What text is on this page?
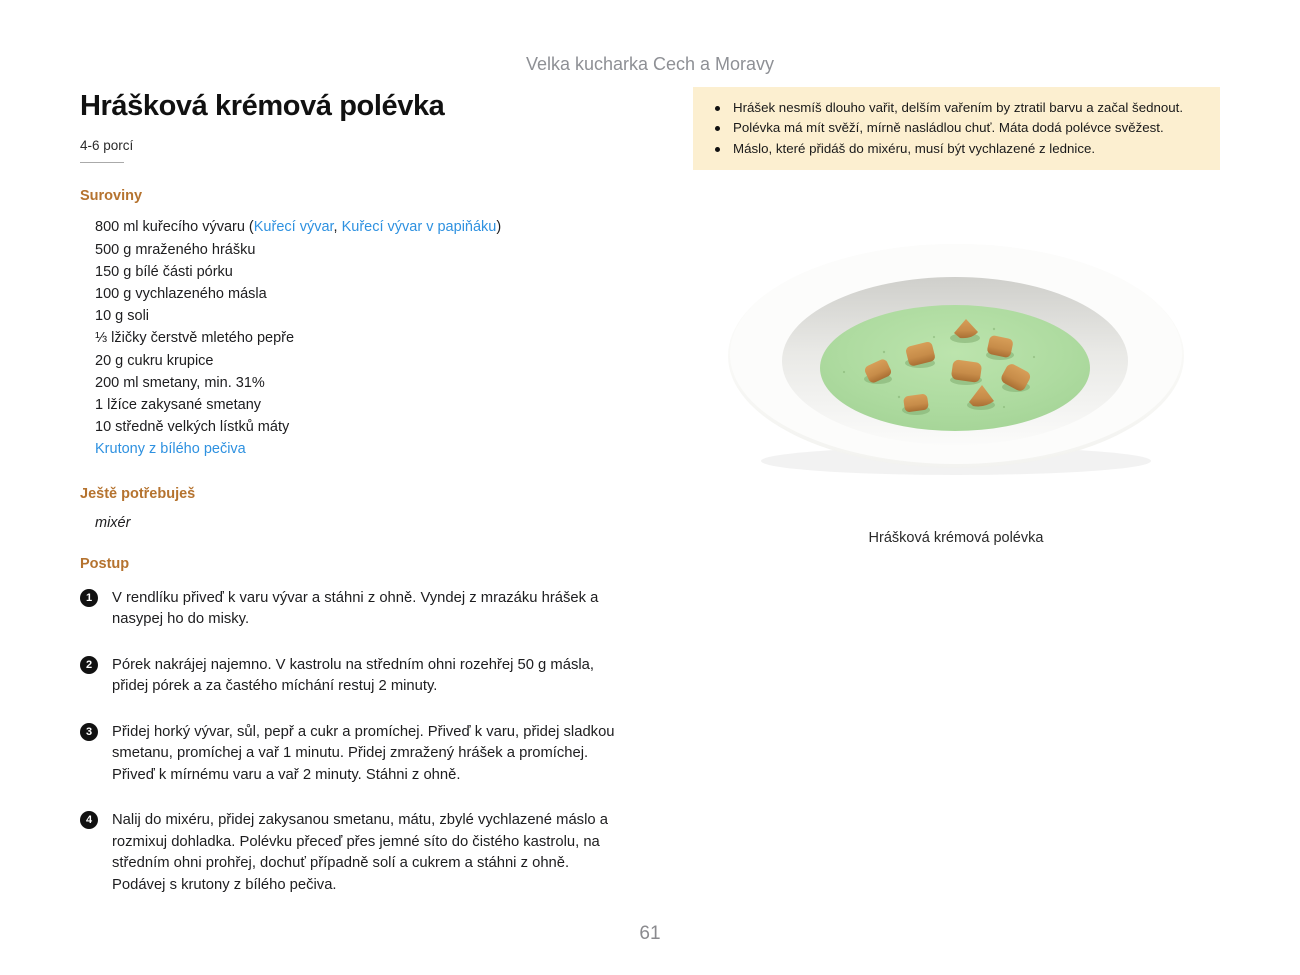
Velka kucharka Cech a Moravy
Hrášková krémová polévka
4-6 porcí
Suroviny
800 ml kuřecího vývaru (Kuřecí vývar, Kuřecí vývar v papiňáku)
500 g mraženého hrášku
150 g bílé části pórku
100 g vychlazeného másla
10 g soli
⅓ lžičky čerstvě mletého pepře
20 g cukru krupice
200 ml smetany, min. 31%
1 lžíce zakysané smetany
10 středně velkých lístků máty
Krutony z bílého pečiva
Ještě potřebuješ
mixér
Postup
1	V rendlíku přiveď k varu vývar a stáhni z ohně. Vyndej z mrazáku hrášek a nasypej ho do misky.
2	Pórek nakrájej najemno. V kastrolu na středním ohni rozehřej 50 g másla, přidej pórek a za častého míchání restuj 2 minuty.
3	Přidej horký vývar, sůl, pepř a cukr a promíchej. Přiveď k varu, přidej sladkou smetanu, promíchej a vař 1 minutu. Přidej zmražený hrášek a promíchej. Přiveď k mírnému varu a vař 2 minuty. Stáhni z ohně.
4	Nalij do mixéru, přidej zakysanou smetanu, mátu, zbylé vychlazené máslo a rozmixuj dohladka. Polévku přeceď přes jemné síto do čistého kastrolu, na středním ohni prohřej, dochuť případně solí a cukrem a stáhni z ohně. Podávej s krutony z bílého pečiva.
Hrášek nesmíš dlouho vařit, delším vařením by ztratil barvu a začal šednout.
Polévka má mít svěží, mírně nasládlou chuť. Máta dodá polévce svěžest.
Máslo, které přidáš do mixéru, musí být vychlazené z lednice.
Hrášková krémová polévka
61
